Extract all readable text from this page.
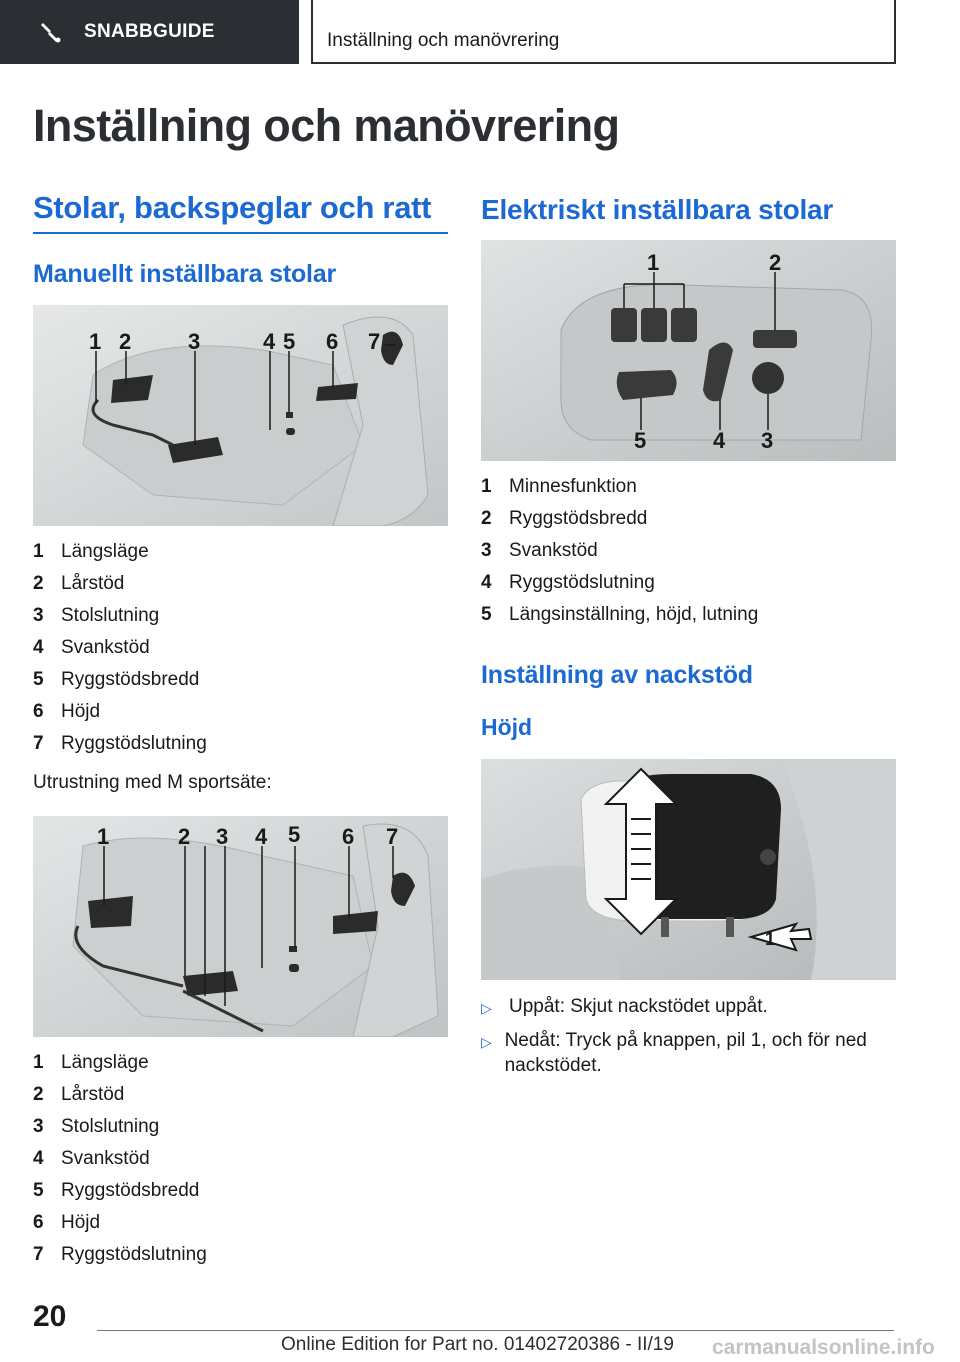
SNABBGUIDE	Inställning och manövrering
Inställning och manövrering
Stolar, backspeglar och ratt
Manuellt inställbara stolar
1 2	3	4 5 6 7
1 Längsläge
2 Lårstöd
3 Stolslutning
4 Svankstöd
5 Ryggstödsbredd
6 Höjd
7 Ryggstödslutning

Utrustning med M sportsäte:

1	2 3 4 5 6 7
1 Längsläge
2 Lårstöd
3 Stolslutning
4 Svankstöd
5 Ryggstödsbredd
6 Höjd
7 Ryggstödslutning
Elektriskt inställbara stolar
1	2
5	4 3
1 Minnesfunktion
2 Ryggstödsbredd
3 Svankstöd
4 Ryggstödslutning
5 Längsinställning, höjd, lutning
Inställning av nackstöd
Höjd
1
▷ Uppåt: Skjut nackstödet uppåt.
▷ Nedåt: Tryck på knappen, pil 1, och för ned nackstödet.
20
Online Edition for Part no. 01402720386 - II/19 carmanualsonline.info
